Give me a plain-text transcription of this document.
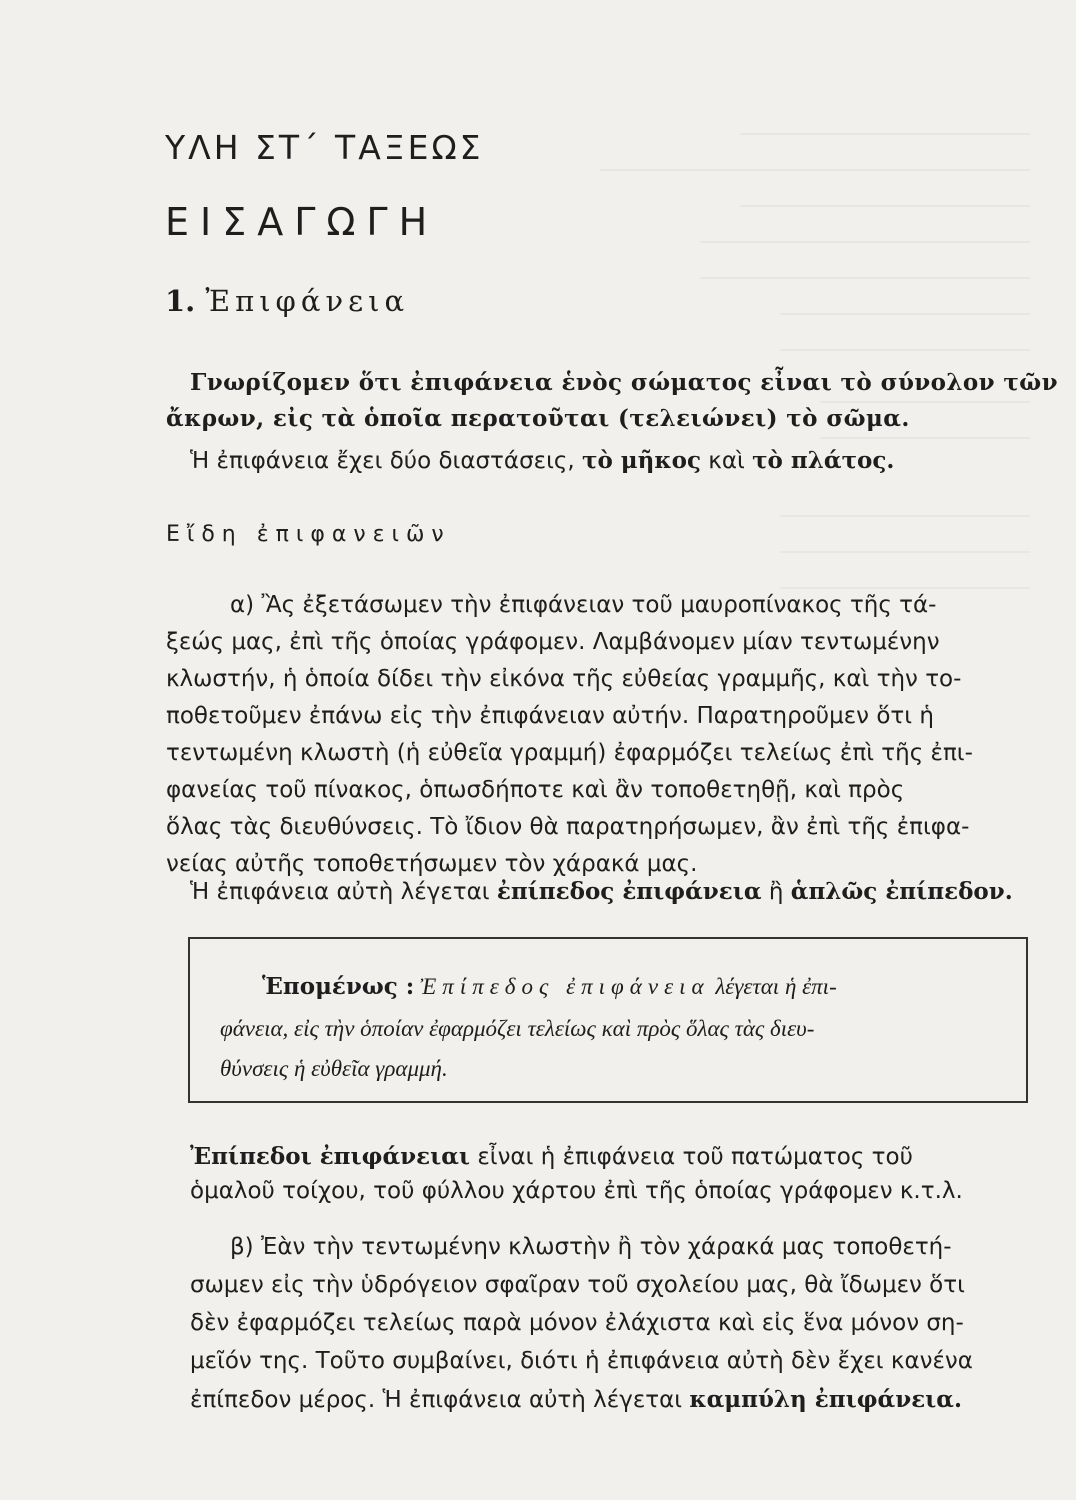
ΥΛΗ ΣΤ΄ ΤΑΞΕΩΣ
ΕΙΣΑΓΩΓΗ
1. Ἐπιφάνεια
Γνωρίζομεν ὅτι ἐπιφάνεια ἑνὸς σώματος εἶναι τὸ σύνολον τῶν
ἄκρων, εἰς τὰ ὁποῖα περατοῦται (τελειώνει) τὸ σῶμα.
Ἡ ἐπιφάνεια ἔχει δύο διαστάσεις, τὸ μῆκος καὶ τὸ πλάτος.
Εἴδη ἐπιφανειῶν
α) Ἂς ἐξετάσωμεν τὴν ἐπιφάνειαν τοῦ μαυροπίνακος τῆς τά-
ξεώς μας, ἐπὶ τῆς ὁποίας γράφομεν. Λαμβάνομεν μίαν τεντωμένην
κλωστήν, ἡ ὁποία δίδει τὴν εἰκόνα τῆς εὐθείας γραμμῆς, καὶ τὴν το-
ποθετοῦμεν ἐπάνω εἰς τὴν ἐπιφάνειαν αὐτήν. Παρατηροῦμεν ὅτι ἡ
τεντωμένη κλωστὴ (ἡ εὐθεῖα γραμμή) ἐφαρμόζει τελείως ἐπὶ τῆς ἐπι-
φανείας τοῦ πίνακος, ὁπωσδήποτε καὶ ἂν τοποθετηθῇ, καὶ πρὸς
ὅλας τὰς διευθύνσεις. Τὸ ἴδιον θὰ παρατηρήσωμεν, ἂν ἐπὶ τῆς ἐπιφα-
νείας αὐτῆς τοποθετήσωμεν τὸν χάρακά μας.
Ἡ ἐπιφάνεια αὐτὴ λέγεται ἐπίπεδος ἐπιφάνεια ἢ ἁπλῶς ἐπίπεδον.
Ἑπομένως : Ἐπίπεδος ἐπιφάνεια λέγεται ἡ ἐπι-
φάνεια, εἰς τὴν ὁποίαν ἐφαρμόζει τελείως καὶ πρὸς ὅλας τὰς διευ-
θύνσεις ἡ εὐθεῖα γραμμή.
Ἐπίπεδοι ἐπιφάνειαι εἶναι ἡ ἐπιφάνεια τοῦ πατώματος τοῦ
ὁμαλοῦ τοίχου, τοῦ φύλλου χάρτου ἐπὶ τῆς ὁποίας γράφομεν κ.τ.λ.
β) Ἐὰν τὴν τεντωμένην κλωστὴν ἢ τὸν χάρακά μας τοποθετή-
σωμεν εἰς τὴν ὑδρόγειον σφαῖραν τοῦ σχολείου μας, θὰ ἴδωμεν ὅτι
δὲν ἐφαρμόζει τελείως παρὰ μόνον ἐλάχιστα καὶ εἰς ἕνα μόνον ση-
μεῖόν της. Τοῦτο συμβαίνει, διότι ἡ ἐπιφάνεια αὐτὴ δὲν ἔχει κανένα
ἐπίπεδον μέρος. Ἡ ἐπιφάνεια αὐτὴ λέγεται καμπύλη ἐπιφάνεια.
